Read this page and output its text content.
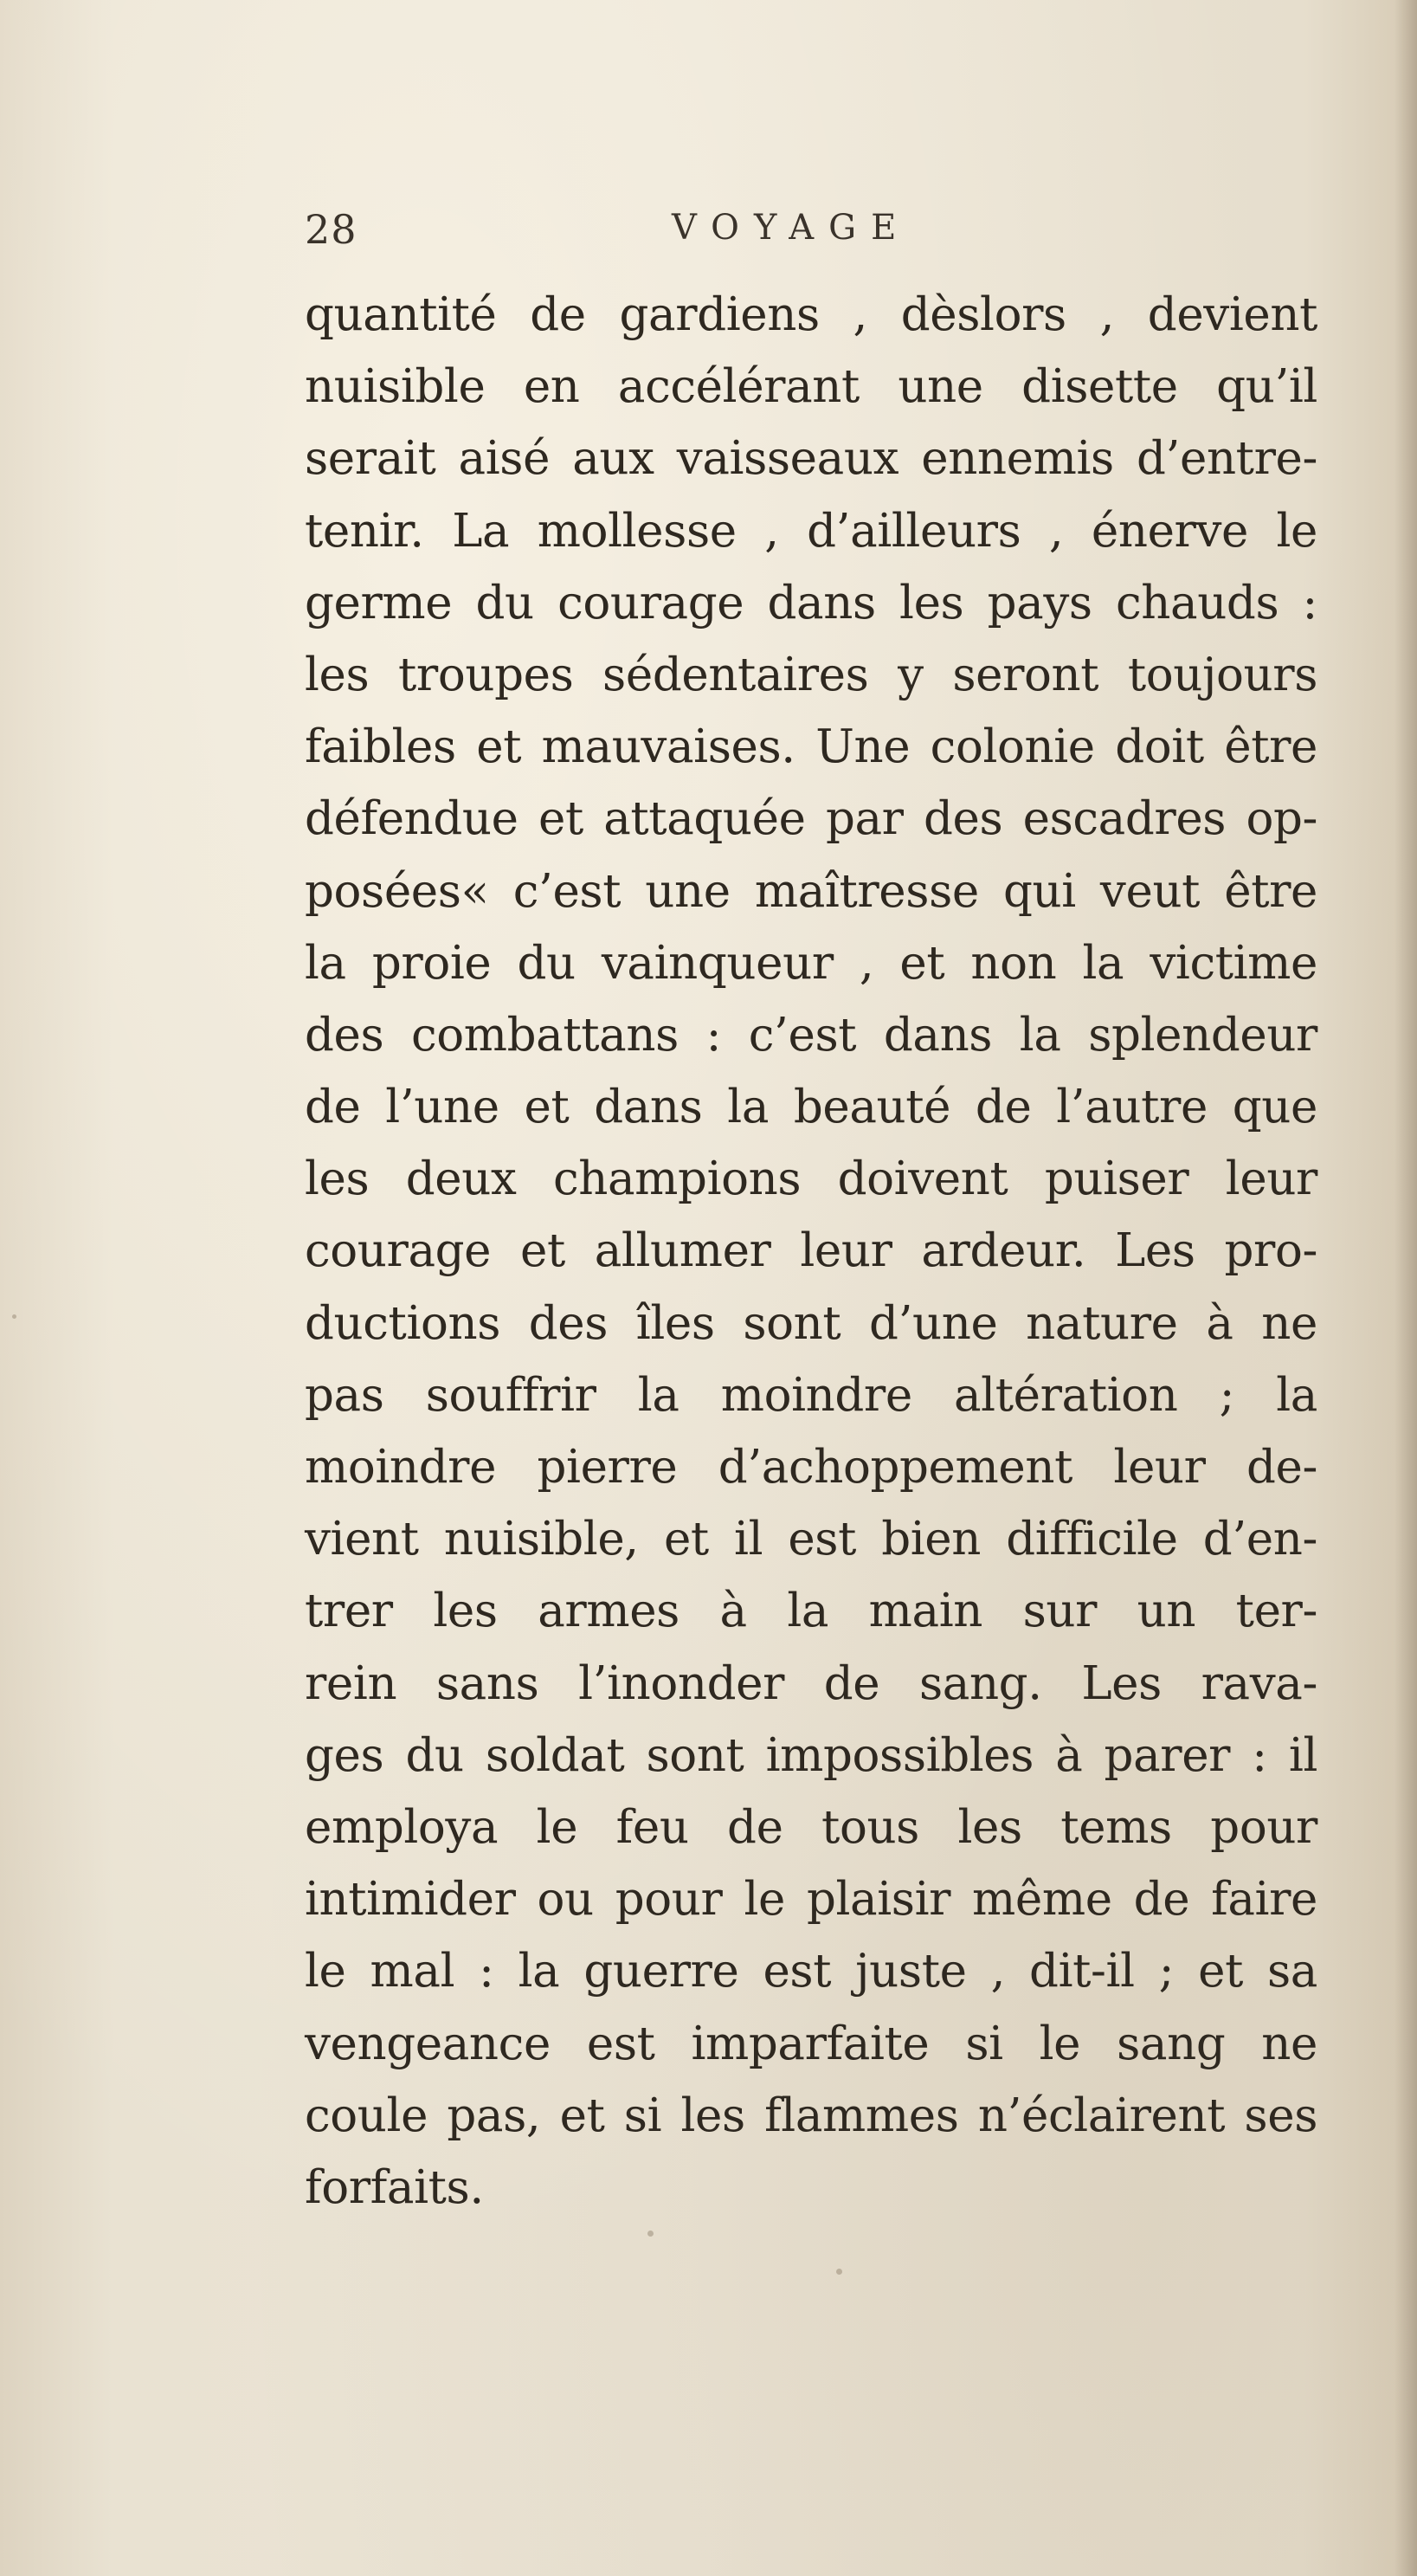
28	VOYAGE
quantité de gardiens , dèslors , devient
nuisible en accélérant une disette qu’il
serait aisé aux vaisseaux ennemis d’entre-
tenir. La mollesse , d’ailleurs , énerve le
germe du courage dans les pays chauds :
les troupes sédentaires y seront toujours
faibles et mauvaises. Une colonie doit être
défendue et attaquée par des escadres op-
posées« c’est une maîtresse qui veut être
la proie du vainqueur , et non la victime
des combattans : c’est dans la splendeur
de l’une et dans la beauté de l’autre que
les deux champions doivent puiser leur
courage et allumer leur ardeur. Les pro-
ductions des îles sont d’une nature à ne
pas souffrir la moindre altération ; la
moindre pierre d’achoppement leur de-
vient nuisible, et il est bien difficile d’en-
trer les armes à la main sur un ter-
rein sans l’inonder de sang. Les rava-
ges du soldat sont impossibles à parer : il
employa le feu de tous les tems pour
intimider ou pour le plaisir même de faire
le mal : la guerre est juste , dit-il ; et sa
vengeance est imparfaite si le sang ne
coule pas, et si les flammes n’éclairent ses
forfaits.
